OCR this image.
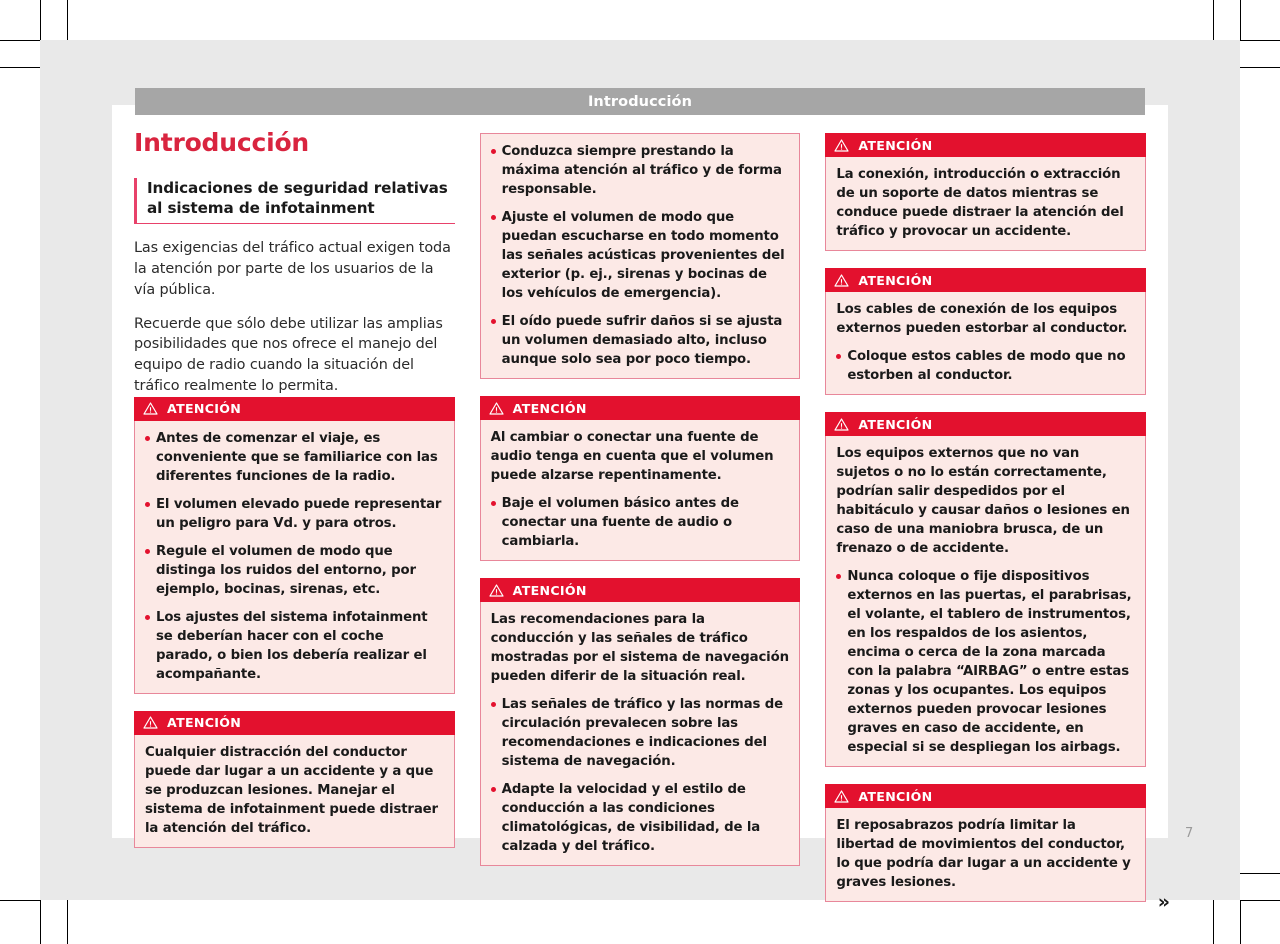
Introducción
Introducción
Indicaciones de seguridad relativas al sistema de infotainment

Las exigencias del tráfico actual exigen toda la atención por parte de los usuarios de la vía pública.

Recuerde que sólo debe utilizar las amplias posibilidades que nos ofrece el manejo del equipo de radio cuando la situación del tráfico realmente lo permita.

ATENCIÓN

Antes de comenzar el viaje, es conveniente que se familiarice con las diferentes funciones de la radio.

El volumen elevado puede representar un peligro para Vd. y para otros.

Regule el volumen de modo que distinga los ruidos del entorno, por ejemplo, bocinas, sirenas, etc.

Los ajustes del sistema infotainment se deberían hacer con el coche parado, o bien los debería realizar el acompañante.

ATENCIÓN

Cualquier distracción del conductor puede dar lugar a un accidente y a que se produzcan lesiones. Manejar el sistema de infotainment puede distraer la atención del tráfico.

Conduzca siempre prestando la máxima atención al tráfico y de forma responsable.

Ajuste el volumen de modo que puedan escucharse en todo momento las señales acústicas provenientes del exterior (p. ej., sirenas y bocinas de los vehículos de emergencia).

El oído puede sufrir daños si se ajusta un volumen demasiado alto, incluso aunque solo sea por poco tiempo.

ATENCIÓN

Al cambiar o conectar una fuente de audio tenga en cuenta que el volumen puede alzarse repentinamente.

Baje el volumen básico antes de conectar una fuente de audio o cambiarla.

ATENCIÓN

Las recomendaciones para la conducción y las señales de tráfico mostradas por el sistema de navegación pueden diferir de la situación real.

Las señales de tráfico y las normas de circulación prevalecen sobre las recomendaciones e indicaciones del sistema de navegación.

Adapte la velocidad y el estilo de conducción a las condiciones climatológicas, de visibilidad, de la calzada y del tráfico.

ATENCIÓN

La conexión, introducción o extracción de un soporte de datos mientras se conduce puede distraer la atención del tráfico y provocar un accidente.

ATENCIÓN

Los cables de conexión de los equipos externos pueden estorbar al conductor.

Coloque estos cables de modo que no estorben al conductor.

ATENCIÓN

Los equipos externos que no van sujetos o no lo están correctamente, podrían salir despedidos por el habitáculo y causar daños o lesiones en caso de una maniobra brusca, de un frenazo o de accidente.

Nunca coloque o fije dispositivos externos en las puertas, el parabrisas, el volante, el tablero de instrumentos, en los respaldos de los asientos, encima o cerca de la zona marcada con la palabra “AIRBAG” o entre estas zonas y los ocupantes. Los equipos externos pueden provocar lesiones graves en caso de accidente, en especial si se despliegan los airbags.

ATENCIÓN

El reposabrazos podría limitar la libertad de movimientos del conductor, lo que podría dar lugar a un accidente y graves lesiones.

»
7
